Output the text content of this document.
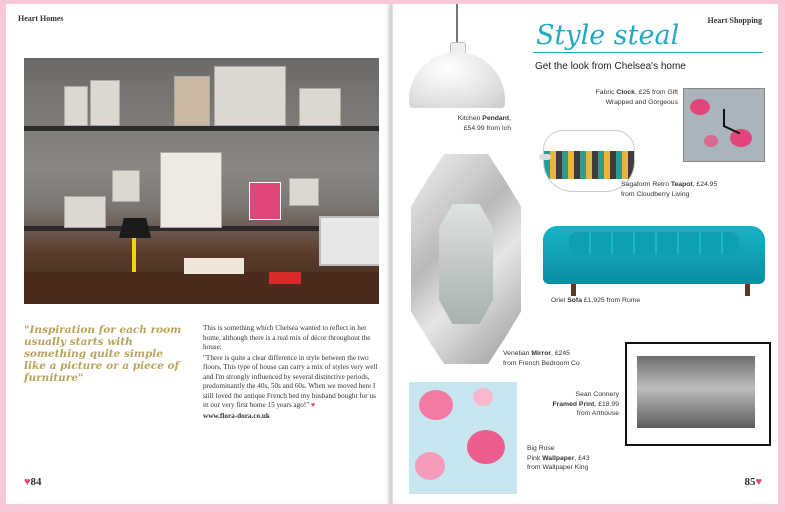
Heart Homes
"Inspiration for each room usually starts with something quite simple like a picture or a piece of furniture"

This is something which Chelsea wanted to reflect in her home, although there is a real mix of décor throughout the house:

"There is quite a clear difference in style between the two floors. This type of house can carry a mix of styles very well and I'm strongly influenced by several distinctive periods, predominantly the 40s, 50s and 60s. When we moved here I still loved the antique French bed my husband bought for us in our very first home 15 years ago!" ♥

www.flora-dora.co.uk

♥84
Heart Shopping
Style steal
Get the look from Chelsea's home
Kitchen Pendant,
£54.99 from Ich
Fabric Clock, £25 from Gift
Wrapped and Gorgeous
Sagaform Retro Teapot, £24.95
from Cloudberry Living
Venetian Mirror, £245
from French Bedroom Co
Oriel Sofa £1,925 from Rume
Sean Connery
Framed Print, £18.99
from Arthouse
Big Rose
Pink Wallpaper, £43
from Wallpaper King
85♥
